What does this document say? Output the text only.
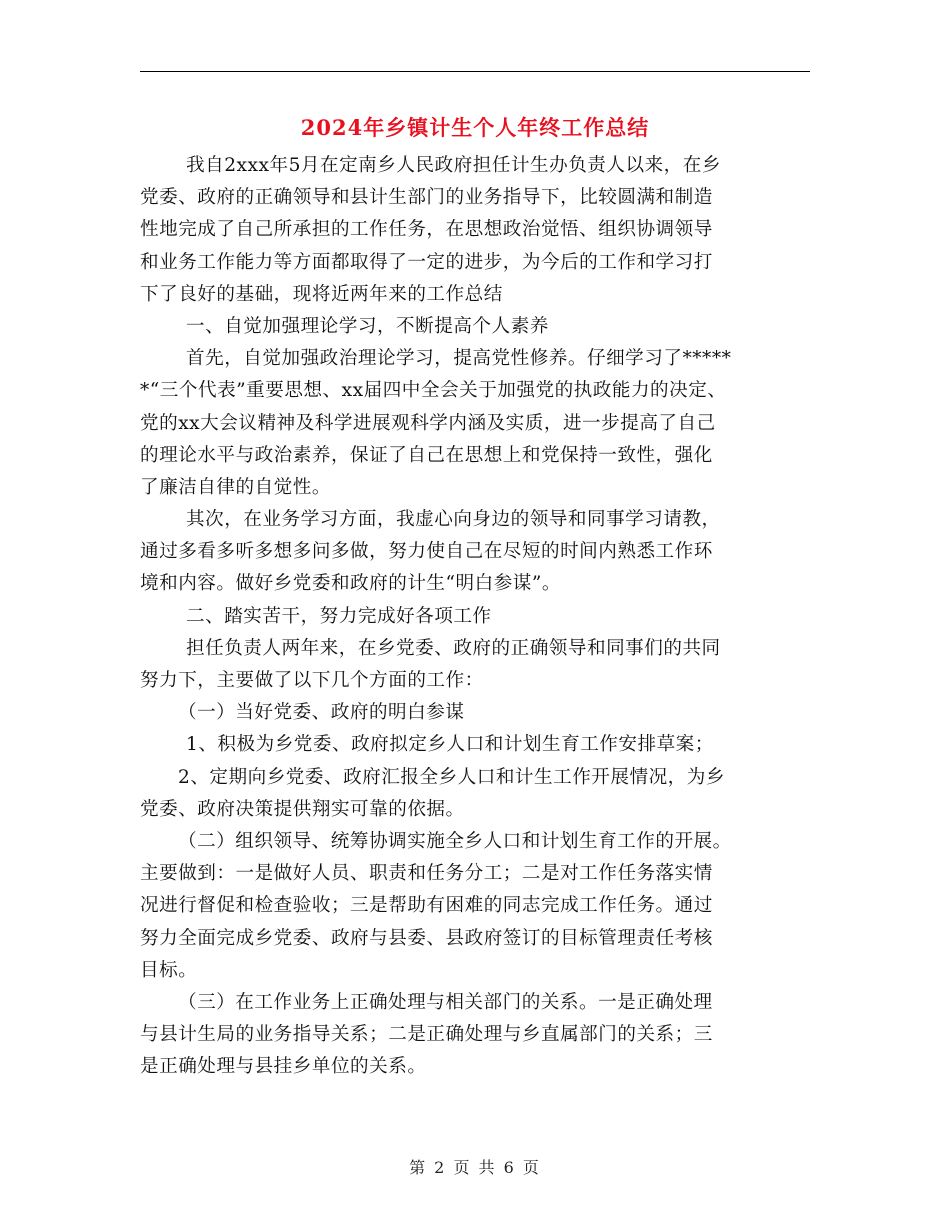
2024年乡镇计生个人年终工作总结
我自2xxx年5月在定南乡人民政府担任计生办负责人以来，在乡
党委、政府的正确领导和县计生部门的业务指导下，比较圆满和制造
性地完成了自己所承担的工作任务，在思想政治觉悟、组织协调领导
和业务工作能力等方面都取得了一定的进步，为今后的工作和学习打
下了良好的基础，现将近两年来的工作总结
一、自觉加强理论学习，不断提高个人素养
首先，自觉加强政治理论学习，提高党性修养。仔细学习了*****
*“三个代表”重要思想、xx届四中全会关于加强党的执政能力的决定、
党的xx大会议精神及科学进展观科学内涵及实质，进一步提高了自己
的理论水平与政治素养，保证了自己在思想上和党保持一致性，强化
了廉洁自律的自觉性。
其次，在业务学习方面，我虚心向身边的领导和同事学习请教，
通过多看多听多想多问多做，努力使自己在尽短的时间内熟悉工作环
境和内容。做好乡党委和政府的计生“明白参谋”。
二、踏实苦干，努力完成好各项工作
担任负责人两年来，在乡党委、政府的正确领导和同事们的共同
努力下，主要做了以下几个方面的工作：
（一）当好党委、政府的明白参谋
1、积极为乡党委、政府拟定乡人口和计划生育工作安排草案；
2、定期向乡党委、政府汇报全乡人口和计生工作开展情况，为乡
党委、政府决策提供翔实可靠的依据。
（二）组织领导、统筹协调实施全乡人口和计划生育工作的开展。
主要做到：一是做好人员、职责和任务分工；二是对工作任务落实情
况进行督促和检查验收；三是帮助有困难的同志完成工作任务。通过
努力全面完成乡党委、政府与县委、县政府签订的目标管理责任考核
目标。
（三）在工作业务上正确处理与相关部门的关系。一是正确处理
与县计生局的业务指导关系；二是正确处理与乡直属部门的关系；三
是正确处理与县挂乡单位的关系。
第 2 页 共 6 页
